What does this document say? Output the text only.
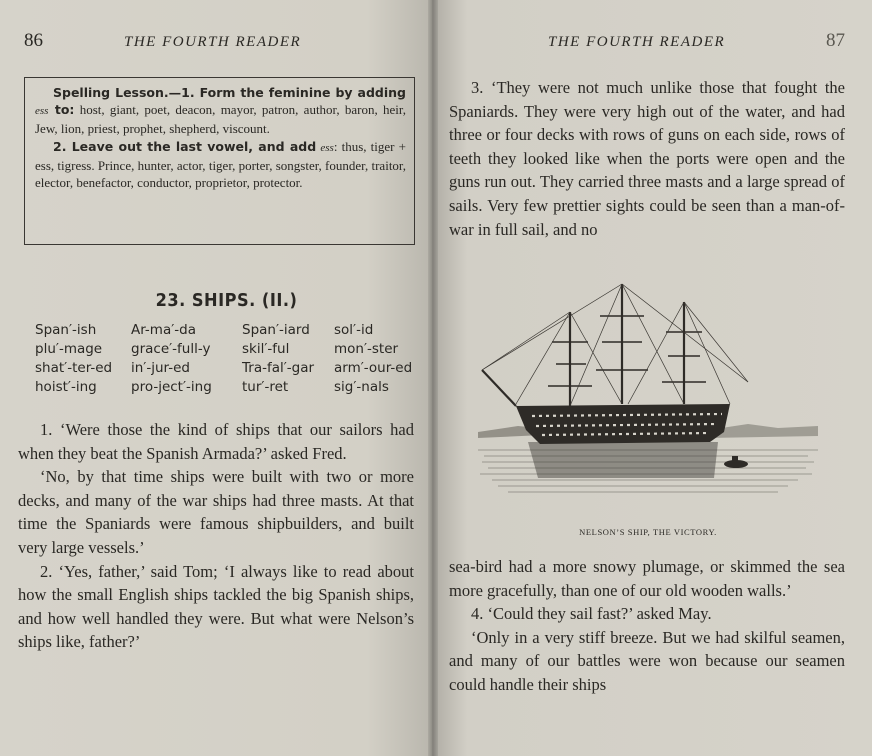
86	THE FOURTH READER

Spelling Lesson.—1. Form the feminine by adding ess to: host, giant, poet, deacon, mayor, patron, author, baron, heir, Jew, lion, priest, prophet, shepherd, viscount.

2. Leave out the last vowel, and add ess: thus, tiger + ess, tigress. Prince, hunter, actor, tiger, porter, songster, founder, traitor, elector, benefactor, conductor, proprietor, protector.

23. SHIPS. (II.)
Span′-ish	Ar-ma′-da	Span′-iard	sol′-id
plu′-mage	grace′-full-y	skil′-ful	mon′-ster
shat′-ter-ed	in′-jur-ed	Tra-fal′-gar	arm′-our-ed
hoist′-ing	pro-ject′-ing	tur′-ret	sig′-nals

1. ‘Were those the kind of ships that our sailors had when they beat the Spanish Armada?’ asked Fred.

‘No, by that time ships were built with two or more decks, and many of the war ships had three masts. At that time the Spaniards were famous shipbuilders, and built very large vessels.’

2. ‘Yes, father,’ said Tom; ‘I always like to read about how the small English ships tackled the big Spanish ships, and how well handled they were. But what were Nelson’s ships like, father?’

THE FOURTH READER	87

3. ‘They were not much unlike those that fought the Spaniards. They were very high out of the water, and had three or four decks with rows of guns on each side, rows of teeth they looked like when the ports were open and the guns run out. They carried three masts and a large spread of sails. Very few prettier sights could be seen than a man-of-war in full sail, and no

sea-bird had a more snowy plumage, or skimmed the sea more gracefully, than one of our old wooden walls.’

4. ‘Could they sail fast?’ asked May.

‘Only in a very stiff breeze. But we had skilful seamen, and many of our battles were won because our seamen could handle their ships

NELSON’S SHIP, THE VICTORY.
